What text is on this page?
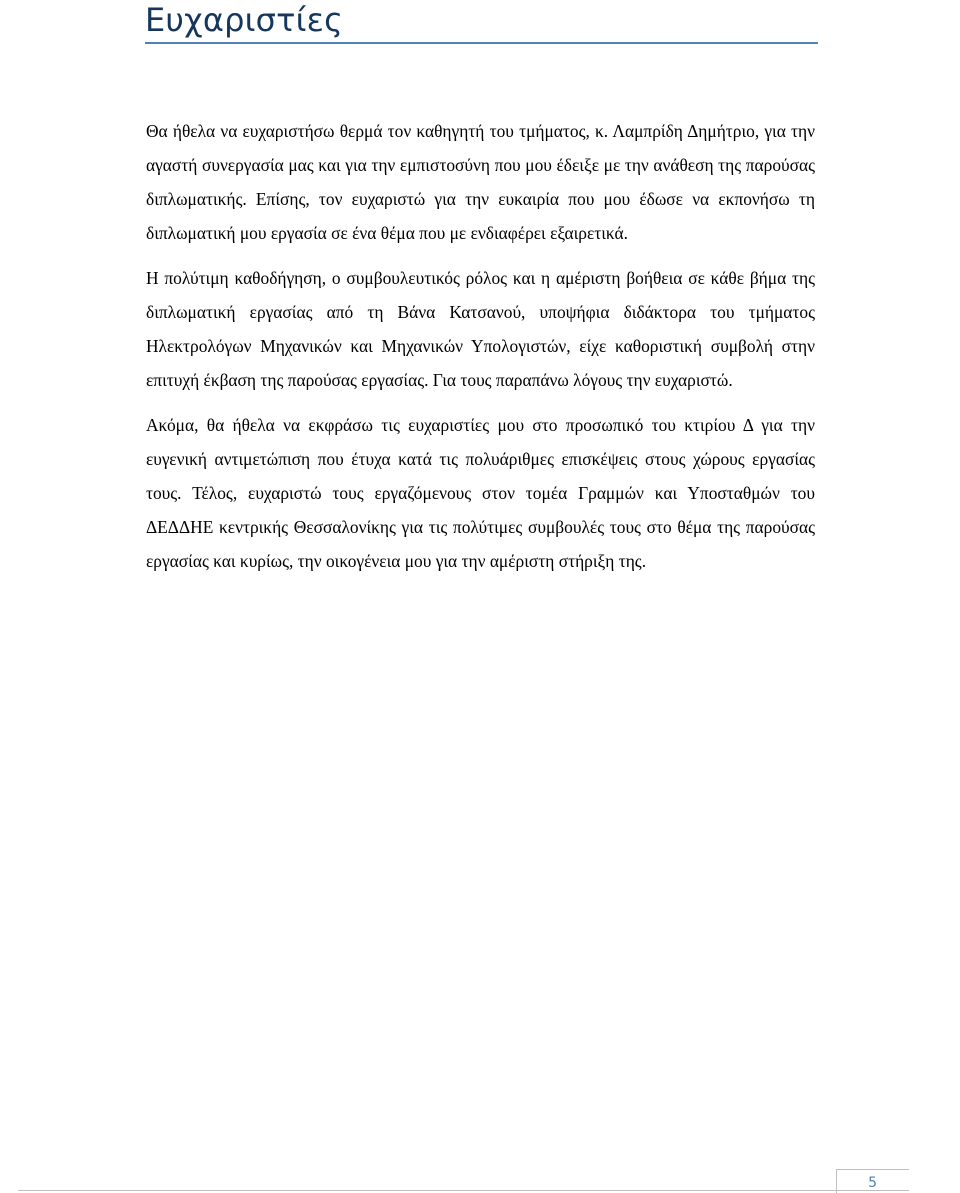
Ευχαριστίες

Θα ήθελα να ευχαριστήσω θερμά τον καθηγητή του τμήματος, κ. Λαμπρίδη Δημήτριο, για την αγαστή συνεργασία μας και για την εμπιστοσύνη που μου έδειξε με την ανάθεση της παρούσας διπλωματικής. Επίσης, τον ευχαριστώ για την ευκαιρία που μου έδωσε να εκπονήσω τη διπλωματική μου εργασία σε ένα θέμα που με ενδιαφέρει εξαιρετικά.

Η πολύτιμη καθοδήγηση, ο συμβουλευτικός ρόλος και η αμέριστη βοήθεια σε κάθε βήμα της διπλωματική εργασίας από τη Βάνα Κατσανού, υποψήφια διδάκτορα του τμήματος Ηλεκτρολόγων Μηχανικών και Μηχανικών Υπολογιστών, είχε καθοριστική συμβολή στην επιτυχή έκβαση της παρούσας εργασίας. Για τους παραπάνω λόγους την ευχαριστώ.

Ακόμα, θα ήθελα να εκφράσω τις ευχαριστίες μου στο προσωπικό του κτιρίου Δ για την ευγενική αντιμετώπιση που έτυχα κατά τις πολυάριθμες επισκέψεις στους χώρους εργασίας τους. Τέλος, ευχαριστώ τους εργαζόμενους στον τομέα Γραμμών και Υποσταθμών του ΔΕΔΔΗΕ κεντρικής Θεσσαλονίκης για τις πολύτιμες συμβουλές τους στο θέμα της παρούσας εργασίας και κυρίως, την οικογένεια μου για την αμέριστη στήριξη της.

5
